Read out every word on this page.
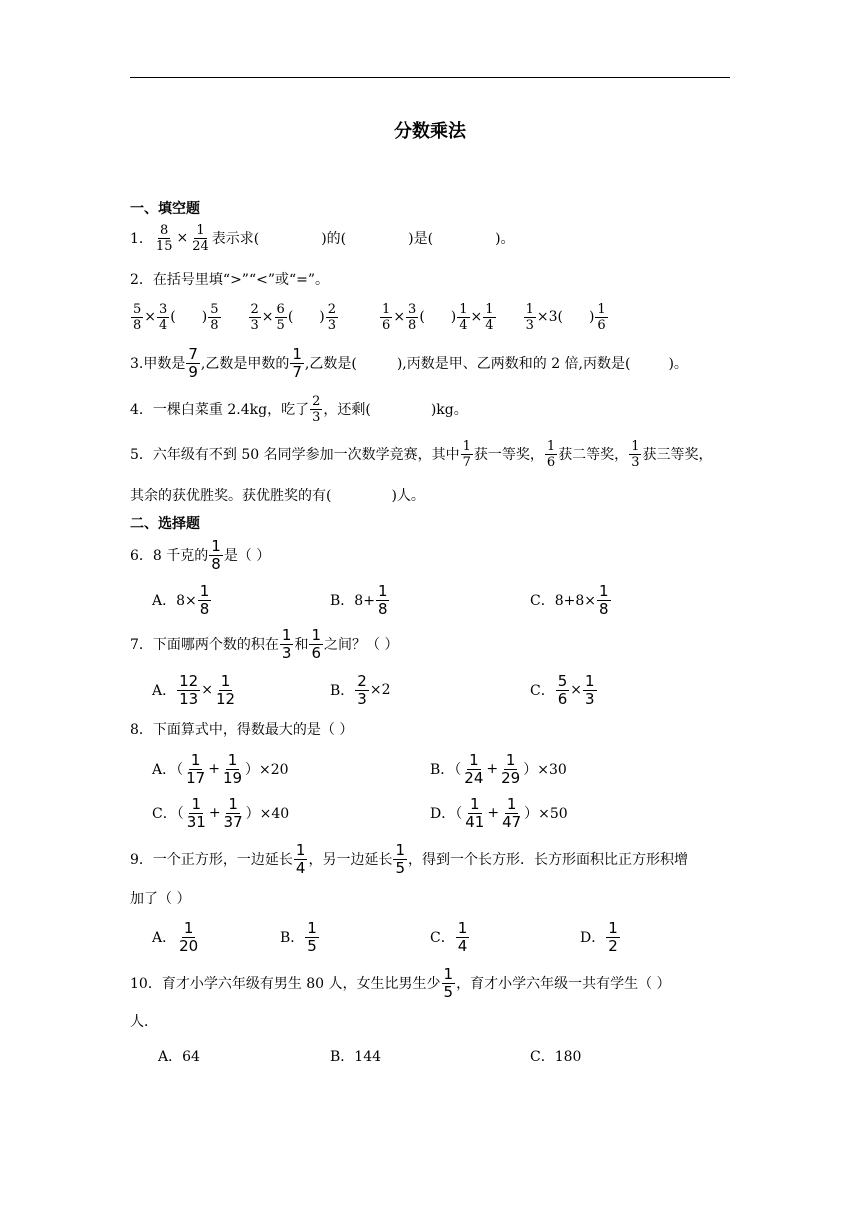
分数乘法
一、填空题
1． $\frac{8}{15} \times \frac{1}{24}$ 表示求(	)的(	)是(	)。
2．在括号里填“>”“<”或“=”。
$\frac{5}{8} \times \frac{3}{4}$ ( ) $\frac{5}{8} \frac{2}{3} \times \frac{6}{5}$ ( ) $\frac{2}{3}$	$\frac{1}{6} \times \frac{3}{8}$ ( ) $\frac{1}{4} \times \frac{1}{4} \frac{1}{3} \times 3$ ( ) $\frac{1}{6}$
3.甲数是 $\frac{7}{9}$ ,乙数是甲数的 $\frac{1}{7}$ ,乙数是(	),丙数是甲、乙两数和的 2 倍,丙数是(	)。
4．一棵白菜重 2.4kg，吃了 $\frac{2}{3}$ ，还剩(	)kg。
5．六年级有不到 50 名同学参加一次数学竞赛，其中 $\frac{1}{7}$ 获一等奖， $\frac{1}{6}$ 获二等奖， $\frac{1}{3}$ 获三等奖，
其余的获优胜奖。获优胜奖的有(	)人。
二、选择题
6．8 千克的 $\frac{1}{8}$ 是（ ）
A．$8\times \frac{1}{8}$	B．$8+ \frac{1}{8}$	C．$8+8\times \frac{1}{8}$
7．下面哪两个数的积在 $\frac{1}{3}$ 和 $\frac{1}{6}$ 之间？（ ）
A． $\frac{12}{13} \times \frac{1}{12}$	B． $\frac{2}{3} \times 2$	C． $\frac{5}{6} \times \frac{1}{3}$
8．下面算式中，得数最大的是（ ）
A．（ $\frac{1}{17} + \frac{1}{19} )\times 20$	B．（ $\frac{1}{24} + \frac{1}{29} )\times 30$
C．（ $\frac{1}{31} + \frac{1}{37} )\times 40$	D．（ $\frac{1}{41} + \frac{1}{47} )\times 50$
9．一个正方形，一边延长 $\frac{1}{4}$ ，另一边延长 $\frac{1}{5}$ ，得到一个长方形．长方形面积比正方形积增
加了（ ）
A． $\frac{1}{20}$	B． $\frac{1}{5}$	C． $\frac{1}{4}$	D． $\frac{1}{2}$
10．育才小学六年级有男生 80 人，女生比男生少 $\frac{1}{5}$ ，育才小学六年级一共有学生（ ）
人．
A．64	B．144	C．180
